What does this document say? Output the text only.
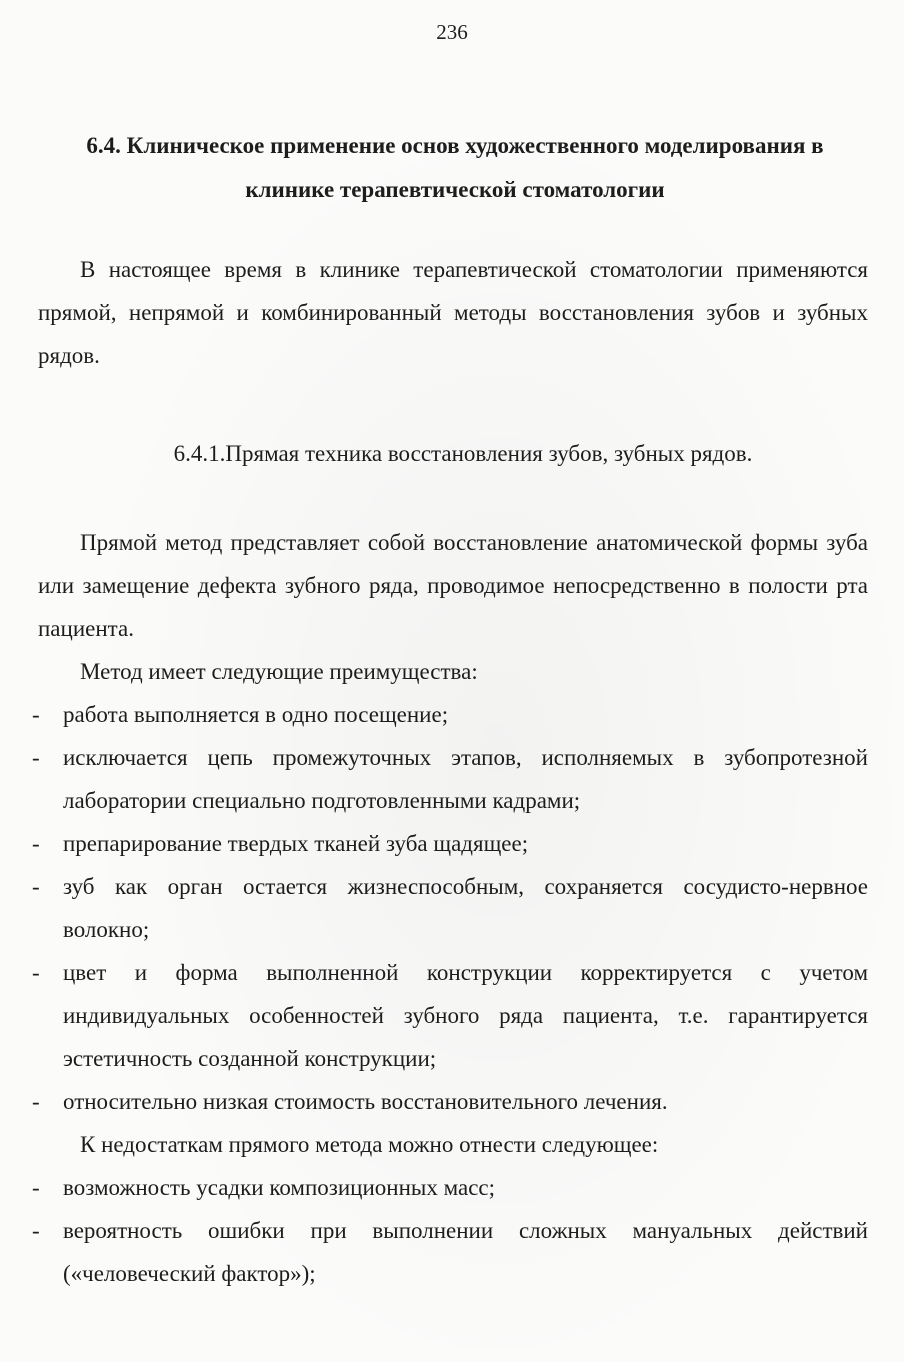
236
6.4. Клиническое применение основ художественного моделирования в клинике терапевтической стоматологии

В настоящее время в клинике терапевтической стоматологии применяются прямой, непрямой и комбинированный методы восстановления зубов и зубных рядов.

6.4.1.Прямая техника восстановления зубов, зубных рядов.

Прямой метод представляет собой восстановление анатомической формы зуба или замещение дефекта зубного ряда, проводимое непосредственно в полости рта пациента.

Метод имеет следующие преимущества:

- работа выполняется в одно посещение;
- исключается цепь промежуточных этапов, исполняемых в зубопротезной лаборатории специально подготовленными кадрами;
- препарирование твердых тканей зуба щадящее;
- зуб как орган остается жизнеспособным, сохраняется сосудисто-нервное волокно;
- цвет и форма выполненной конструкции корректируется с учетом индивидуальных особенностей зубного ряда пациента, т.е. гарантируется эстетичность созданной конструкции;
- относительно низкая стоимость восстановительного лечения.

К недостаткам прямого метода можно отнести следующее:

- возможность усадки композиционных масс;
- вероятность ошибки при выполнении сложных мануальных действий («человеческий фактор»);
